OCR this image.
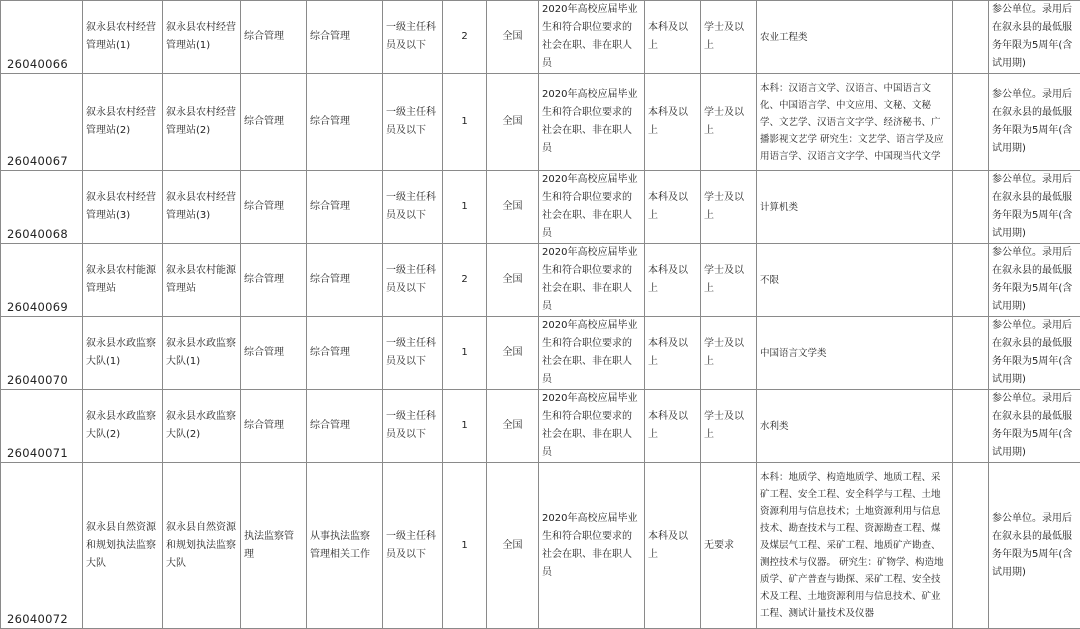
26040066	叙永县农村经营管理站(1)	叙永县农村经营管理站(1)	综合管理	综合管理	一级主任科员及以下	2	全国	2020年高校应届毕业生和符合职位要求的社会在职、非在职人员	本科及以上	学士及以上	农业工程类		参公单位。录用后在叙永县的最低服务年限为5周年(含试用期)
26040067	叙永县农村经营管理站(2)	叙永县农村经营管理站(2)	综合管理	综合管理	一级主任科员及以下	1	全国	2020年高校应届毕业生和符合职位要求的社会在职、非在职人员	本科及以上	学士及以上	本科：汉语言文学、汉语言、中国语言文化、中国语言学、中文应用、文秘、文秘学、文艺学、汉语言文字学、经济秘书、广播影视文艺学 研究生：文艺学、语言学及应用语言学、汉语言文字学、中国现当代文学		参公单位。录用后在叙永县的最低服务年限为5周年(含试用期)
26040068	叙永县农村经营管理站(3)	叙永县农村经营管理站(3)	综合管理	综合管理	一级主任科员及以下	1	全国	2020年高校应届毕业生和符合职位要求的社会在职、非在职人员	本科及以上	学士及以上	计算机类		参公单位。录用后在叙永县的最低服务年限为5周年(含试用期)
26040069	叙永县农村能源管理站	叙永县农村能源管理站	综合管理	综合管理	一级主任科员及以下	2	全国	2020年高校应届毕业生和符合职位要求的社会在职、非在职人员	本科及以上	学士及以上	不限		参公单位。录用后在叙永县的最低服务年限为5周年(含试用期)
26040070	叙永县水政监察大队(1)	叙永县水政监察大队(1)	综合管理	综合管理	一级主任科员及以下	1	全国	2020年高校应届毕业生和符合职位要求的社会在职、非在职人员	本科及以上	学士及以上	中国语言文学类		参公单位。录用后在叙永县的最低服务年限为5周年(含试用期)
26040071	叙永县水政监察大队(2)	叙永县水政监察大队(2)	综合管理	综合管理	一级主任科员及以下	1	全国	2020年高校应届毕业生和符合职位要求的社会在职、非在职人员	本科及以上	学士及以上	水利类		参公单位。录用后在叙永县的最低服务年限为5周年(含试用期)
26040072	叙永县自然资源和规划执法监察大队	叙永县自然资源和规划执法监察大队	执法监察管理	从事执法监察管理相关工作	一级主任科员及以下	1	全国	2020年高校应届毕业生和符合职位要求的社会在职、非在职人员	本科及以上	无要求	本科：地质学、构造地质学、地质工程、采矿工程、安全工程、安全科学与工程、土地资源利用与信息技术；土地资源利用与信息技术、勘查技术与工程、资源勘查工程、煤及煤层气工程、采矿工程、地质矿产勘查、测控技术与仪器。 研究生：矿物学、构造地质学、矿产普查与勘探、采矿工程、安全技术及工程、土地资源利用与信息技术、矿业工程、测试计量技术及仪器		参公单位。录用后在叙永县的最低服务年限为5周年(含试用期)
